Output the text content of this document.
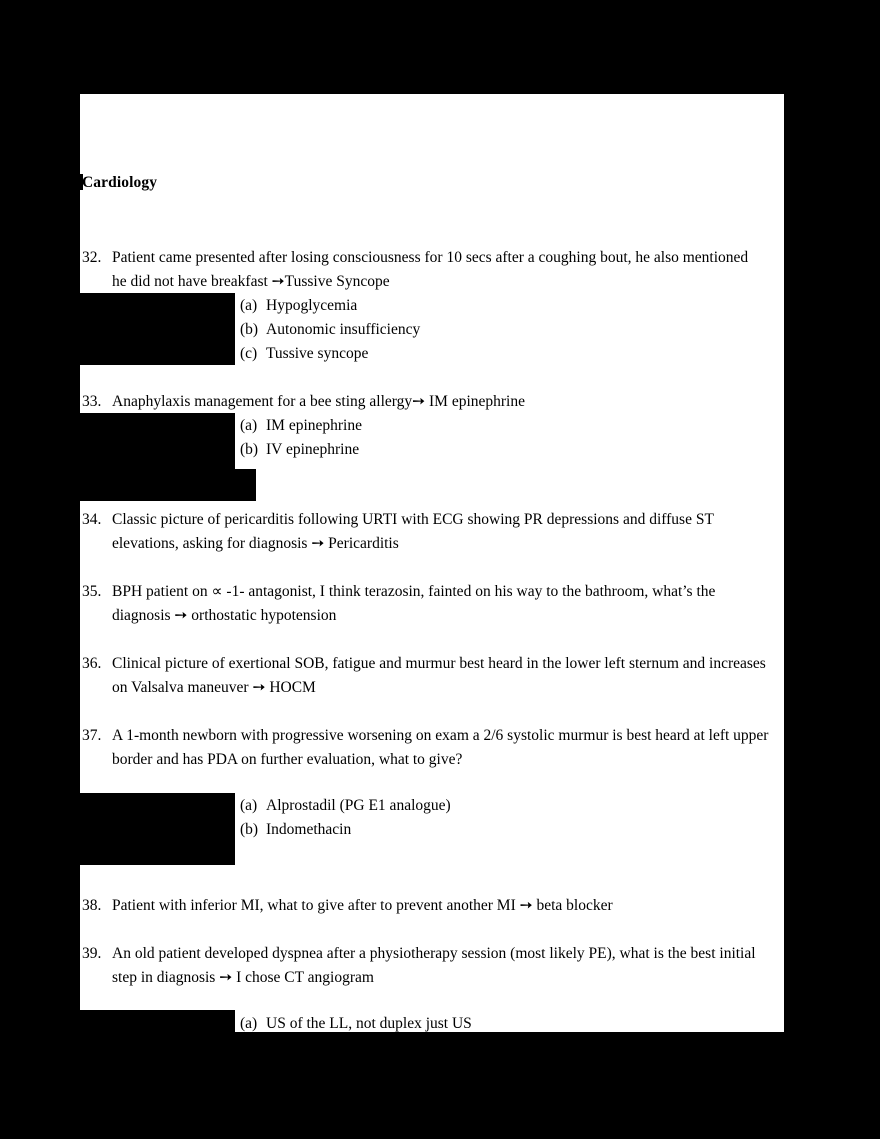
Cardiology
32. Patient came presented after losing consciousness for 10 secs after a coughing bout, he also mentioned he did not have breakfast ➙Tussive Syncope
(a) Hypoglycemia
(b) Autonomic insufficiency
(c) Tussive syncope
33. Anaphylaxis management for a bee sting allergy➙ IM epinephrine
(a) IM epinephrine
(b) IV epinephrine
34. Classic picture of pericarditis following URTI with ECG showing PR depressions and diffuse ST elevations, asking for diagnosis ➙ Pericarditis
35. BPH patient on ∝ -1- antagonist, I think terazosin, fainted on his way to the bathroom, what’s the diagnosis ➙ orthostatic hypotension
36. Clinical picture of exertional SOB, fatigue and murmur best heard in the lower left sternum and increases on Valsalva maneuver ➙ HOCM
37. A 1-month newborn with progressive worsening on exam a 2/6 systolic murmur is best heard at left upper border and has PDA on further evaluation, what to give?
(a) Alprostadil (PG E1 analogue)
(b) Indomethacin
38. Patient with inferior MI, what to give after to prevent another MI ➙ beta blocker
39. An old patient developed dyspnea after a physiotherapy session (most likely PE), what is the best initial step in diagnosis ➙ I chose CT angiogram
(a) US of the LL, not duplex just US
